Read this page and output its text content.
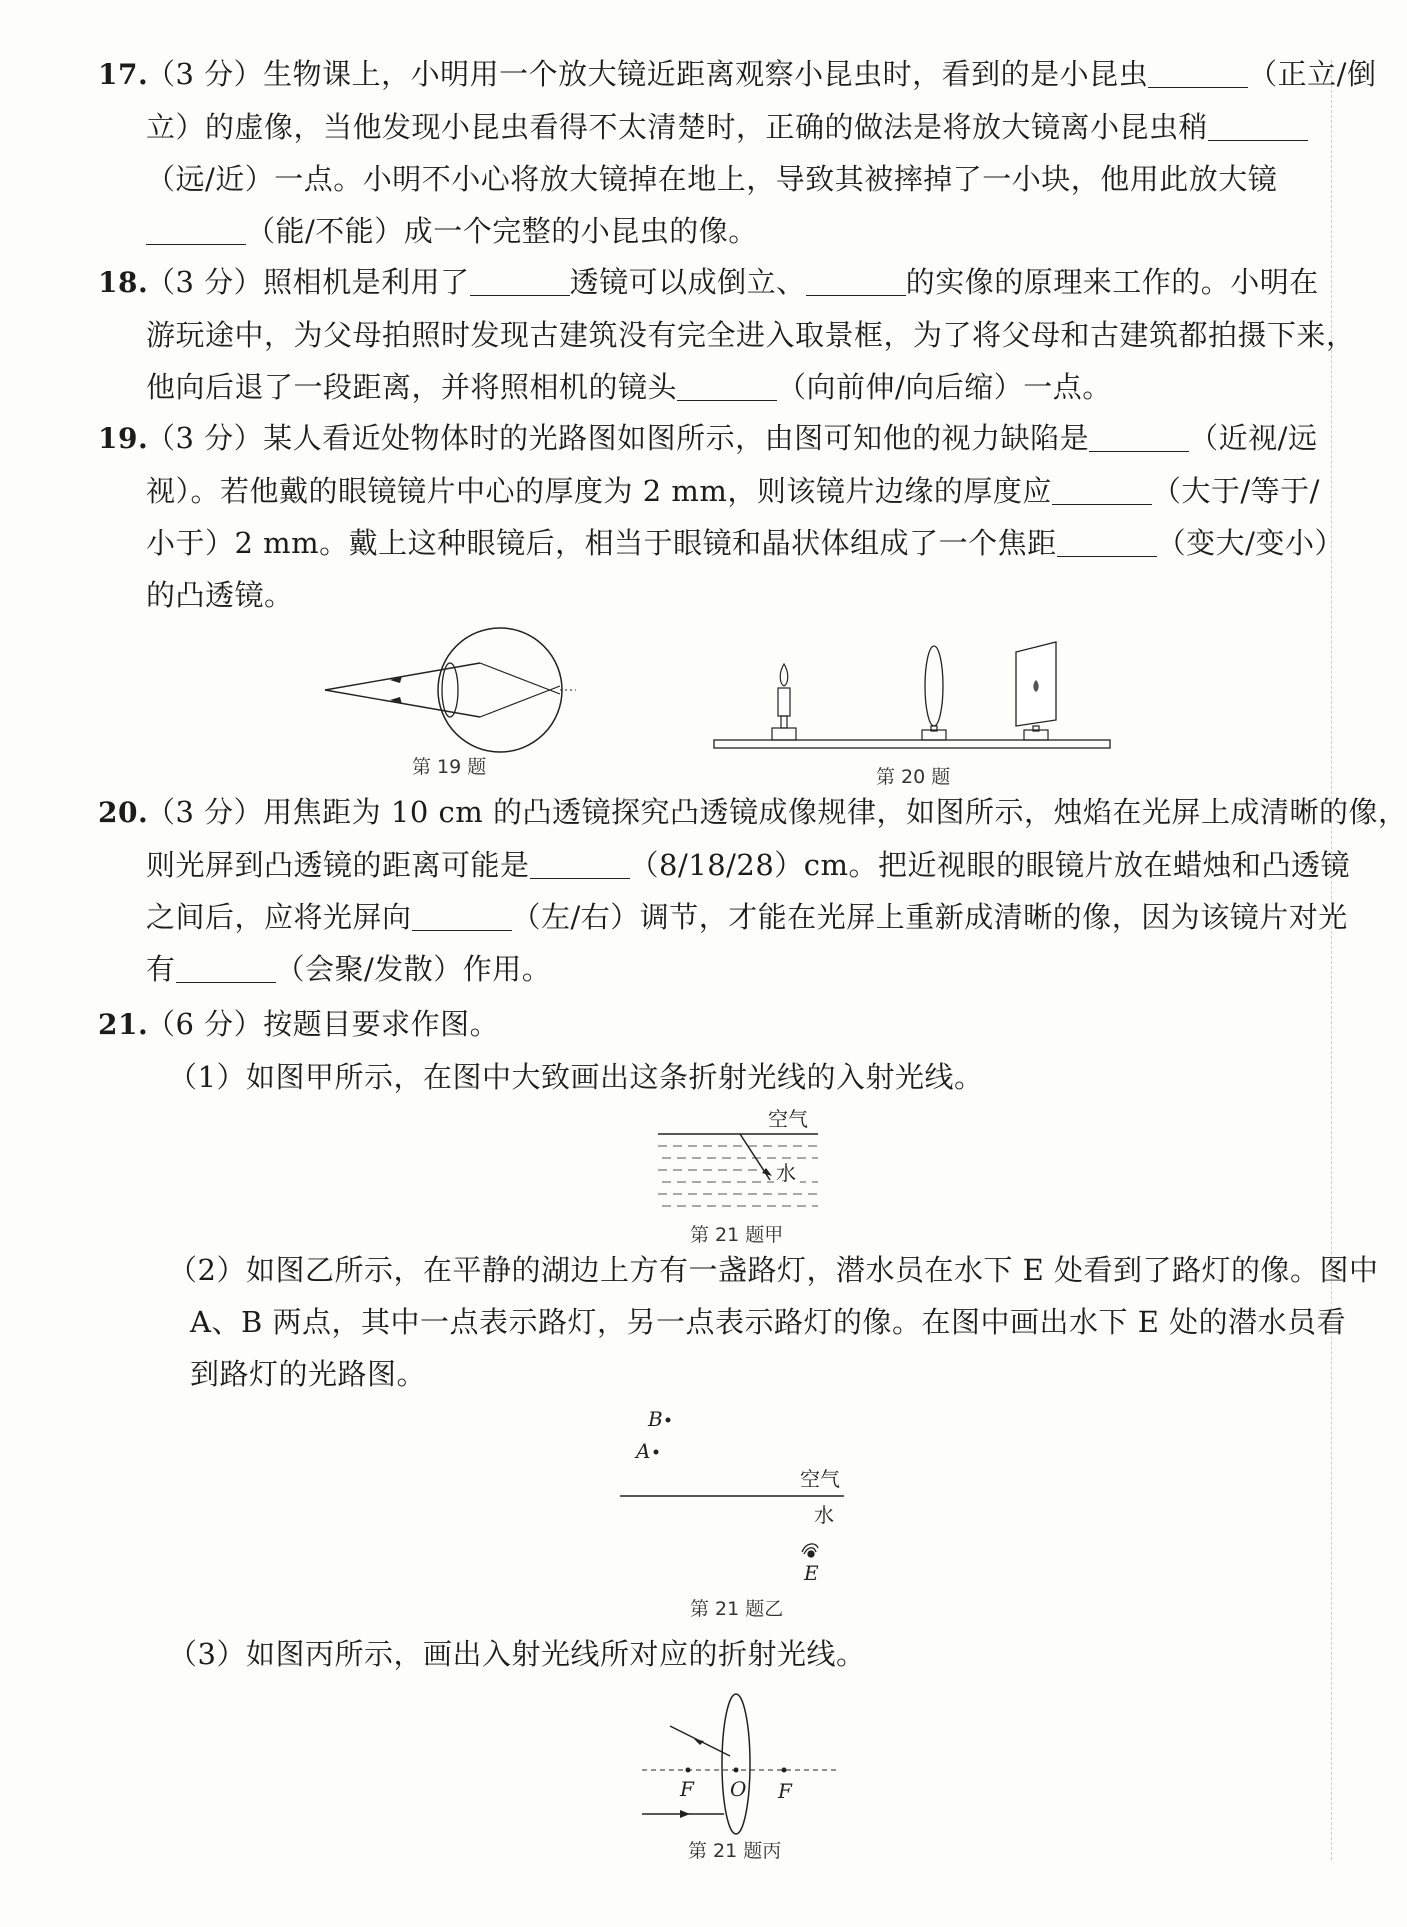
17.（3 分）生物课上，小明用一个放大镜近距离观察小昆虫时，看到的是小昆虫	（正立/倒
立）的虚像，当他发现小昆虫看得不太清楚时，正确的做法是将放大镜离小昆虫稍
（远/近）一点。小明不小心将放大镜掉在地上，导致其被摔掉了一小块，他用此放大镜
（能/不能）成一个完整的小昆虫的像。
18.（3 分）照相机是利用了	透镜可以成倒立、	的实像的原理来工作的。小明在
游玩途中，为父母拍照时发现古建筑没有完全进入取景框，为了将父母和古建筑都拍摄下来，
他向后退了一段距离，并将照相机的镜头	（向前伸/向后缩）一点。
19.（3 分）某人看近处物体时的光路图如图所示，由图可知他的视力缺陷是	（近视/远
视）。若他戴的眼镜镜片中心的厚度为 2 mm，则该镜片边缘的厚度应	（大于/等于/
小于）2 mm。戴上这种眼镜后，相当于眼镜和晶状体组成了一个焦距	（变大/变小）
的凸透镜。
第 19 题	第 20 题
20.（3 分）用焦距为 10 cm 的凸透镜探究凸透镜成像规律，如图所示，烛焰在光屏上成清晰的像，
则光屏到凸透镜的距离可能是	（8/18/28）cm。把近视眼的眼镜片放在蜡烛和凸透镜
之间后，应将光屏向	（左/右）调节，才能在光屏上重新成清晰的像，因为该镜片对光
有	（会聚/发散）作用。
21.（6 分）按题目要求作图。
（1）如图甲所示，在图中大致画出这条折射光线的入射光线。
空气
水
第 21 题甲
（2）如图乙所示，在平静的湖边上方有一盏路灯，潜水员在水下 E 处看到了路灯的像。图中
A、B 两点，其中一点表示路灯，另一点表示路灯的像。在图中画出水下 E 处的潜水员看
到路灯的光路图。
B
A
空气
水
E
第 21 题乙
（3）如图丙所示，画出入射光线所对应的折射光线。
F O F
第 21 题丙
